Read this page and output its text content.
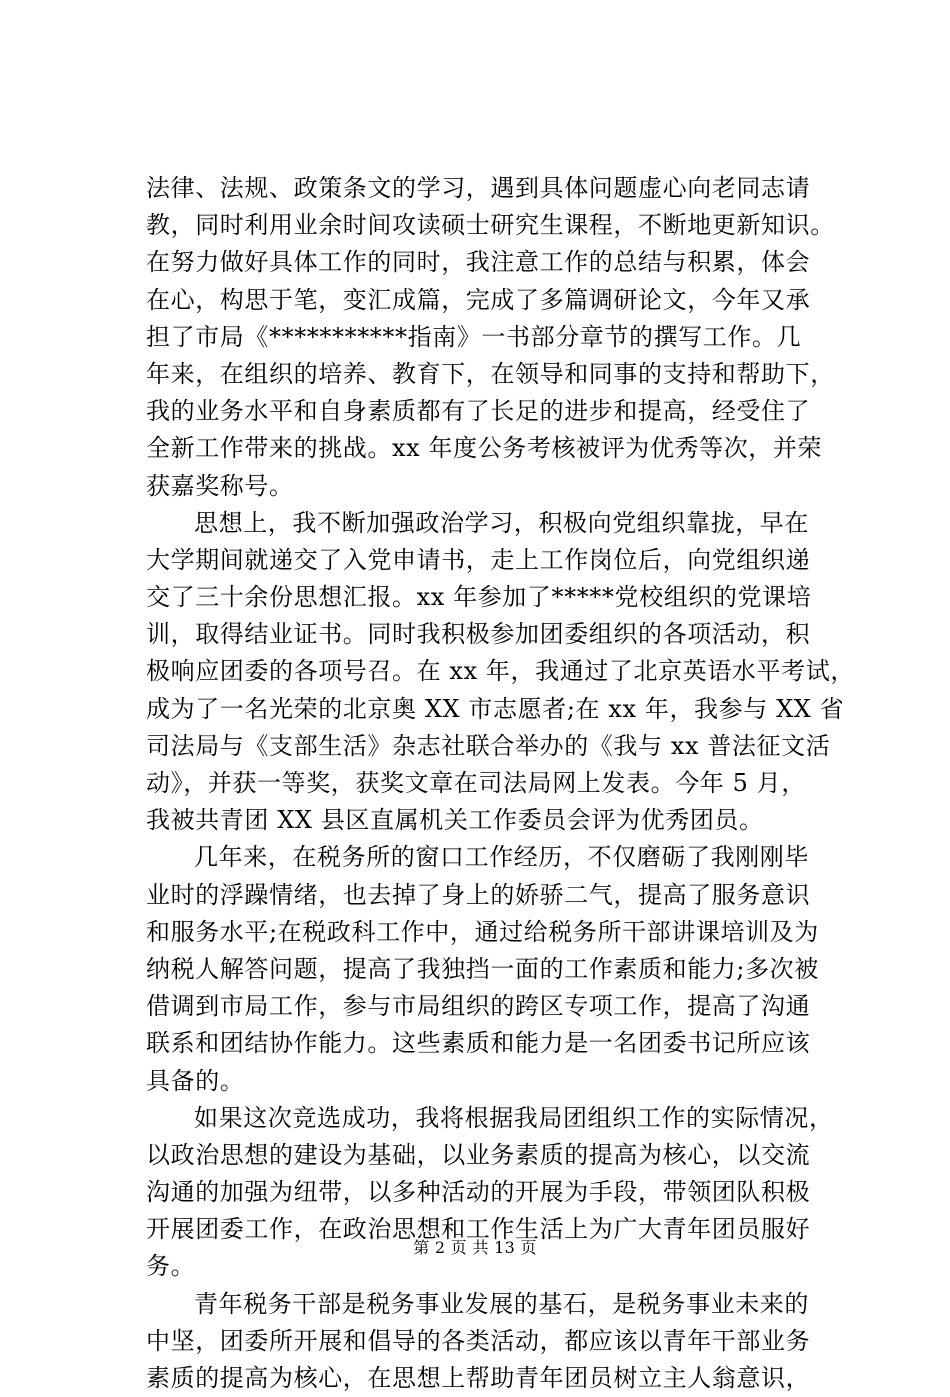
法律、法规、政策条文的学习，遇到具体问题虚心向老同志请
教，同时利用业余时间攻读硕士研究生课程，不断地更新知识。
在努力做好具体工作的同时，我注意工作的总结与积累，体会
在心，构思于笔，变汇成篇，完成了多篇调研论文，今年又承
担了市局《***********指南》一书部分章节的撰写工作。几
年来，在组织的培养、教育下，在领导和同事的支持和帮助下，
我的业务水平和自身素质都有了长足的进步和提高，经受住了
全新工作带来的挑战。xx 年度公务考核被评为优秀等次，并荣
获嘉奖称号。
思想上，我不断加强政治学习，积极向党组织靠拢，早在
大学期间就递交了入党申请书，走上工作岗位后，向党组织递
交了三十余份思想汇报。xx 年参加了*****党校组织的党课培
训，取得结业证书。同时我积极参加团委组织的各项活动，积
极响应团委的各项号召。在 xx 年，我通过了北京英语水平考试，
成为了一名光荣的北京奥 XX 市志愿者;在 xx 年，我参与 XX 省
司法局与《支部生活》杂志社联合举办的《我与 xx 普法征文活
动》，并获一等奖，获奖文章在司法局网上发表。今年 5 月，
我被共青团 XX 县区直属机关工作委员会评为优秀团员。
几年来，在税务所的窗口工作经历，不仅磨砺了我刚刚毕
业时的浮躁情绪，也去掉了身上的娇骄二气，提高了服务意识
和服务水平;在税政科工作中，通过给税务所干部讲课培训及为
纳税人解答问题，提高了我独挡一面的工作素质和能力;多次被
借调到市局工作，参与市局组织的跨区专项工作，提高了沟通
联系和团结协作能力。这些素质和能力是一名团委书记所应该
具备的。
如果这次竞选成功，我将根据我局团组织工作的实际情况，
以政治思想的建设为基础，以业务素质的提高为核心，以交流
沟通的加强为纽带，以多种活动的开展为手段，带领团队积极
开展团委工作，在政治思想和工作生活上为广大青年团员服好
务。
青年税务干部是税务事业发展的基石，是税务事业未来的
中坚，团委所开展和倡导的各类活动，都应该以青年干部业务
素质的提高为核心，在思想上帮助青年团员树立主人翁意识，
第 2 页 共 13 页
